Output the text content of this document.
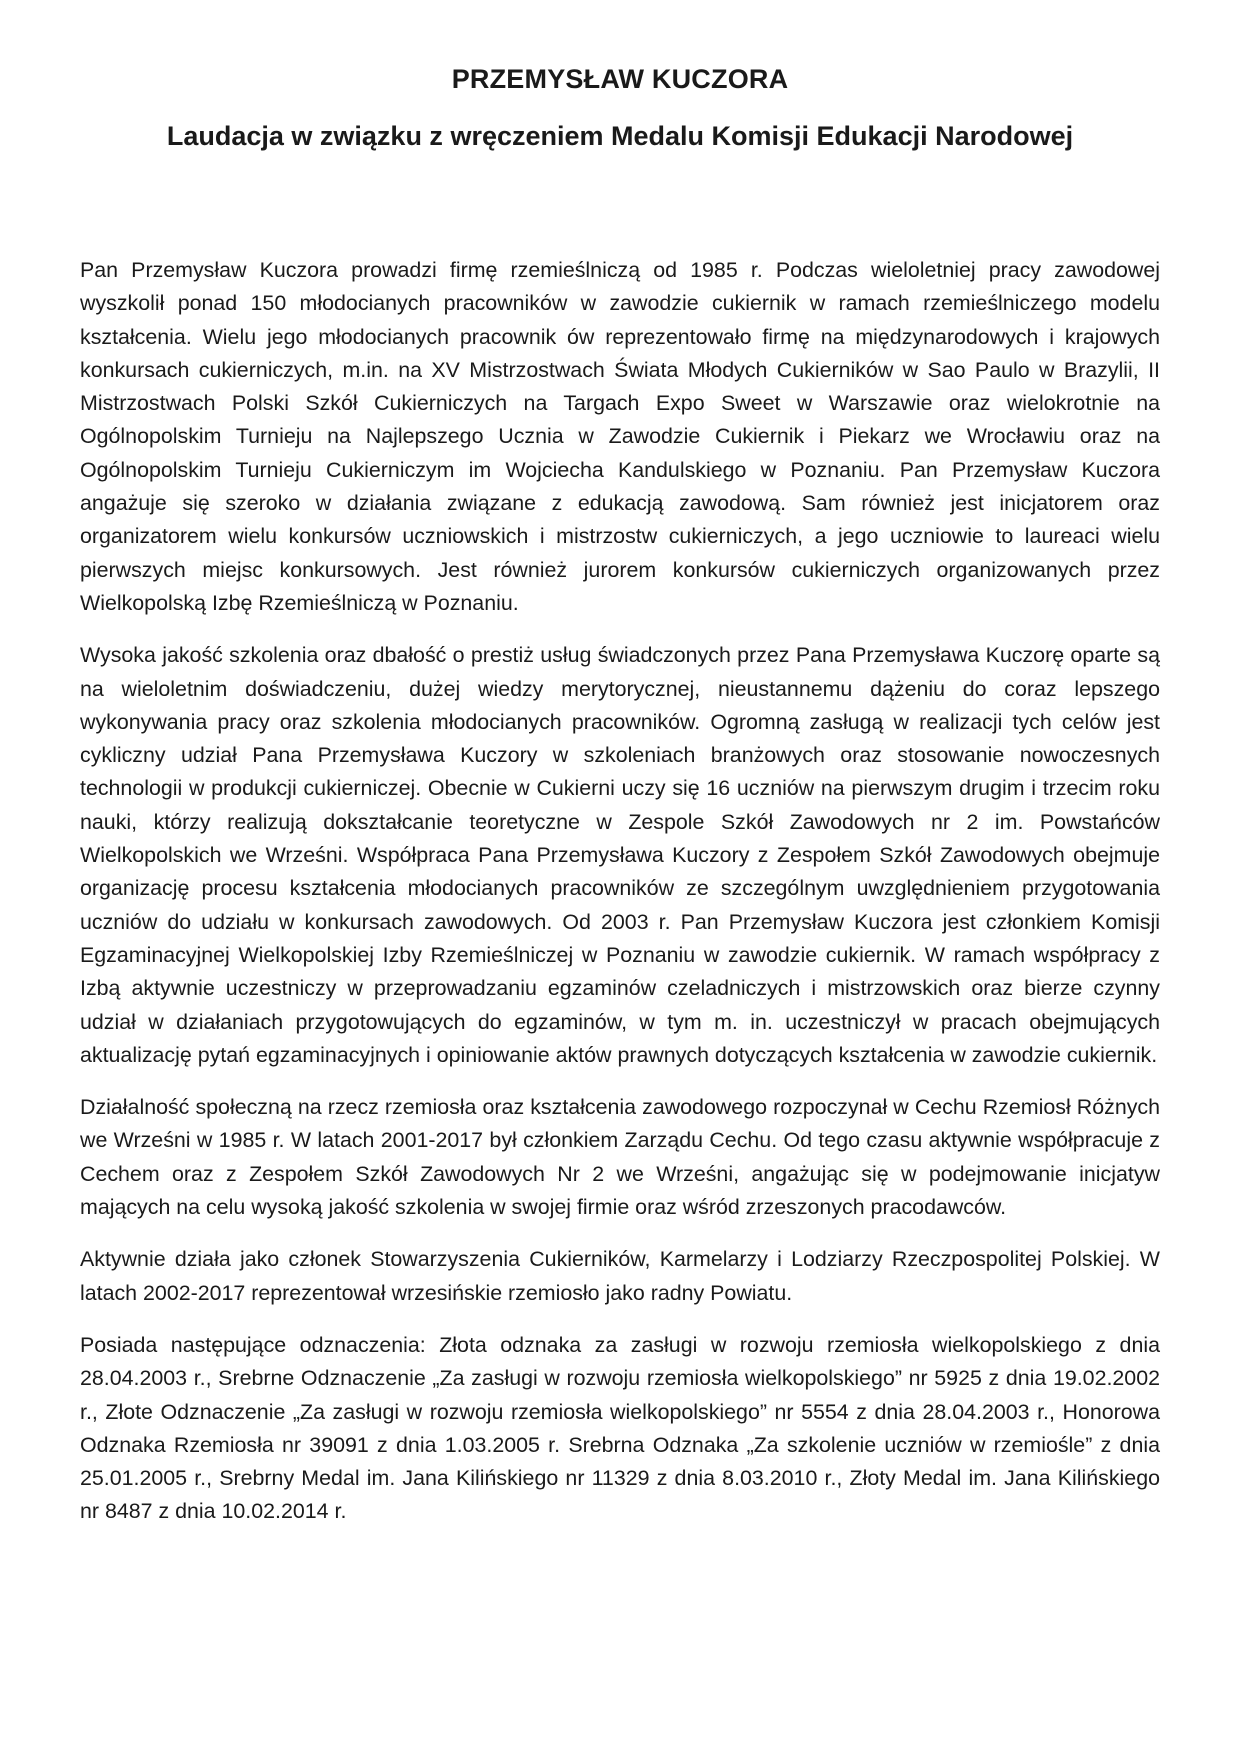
PRZEMYSŁAW KUCZORA
Laudacja w związku z wręczeniem Medalu Komisji Edukacji Narodowej

Pan Przemysław Kuczora prowadzi firmę rzemieślniczą od 1985 r. Podczas wieloletniej pracy zawodowej wyszkolił ponad 150 młodocianych pracowników w zawodzie cukiernik w ramach rzemieślniczego modelu kształcenia. Wielu jego młodocianych pracownik ów reprezentowało firmę na międzynarodowych i krajowych konkursach cukierniczych, m.in. na XV Mistrzostwach Świata Młodych Cukierników w Sao Paulo w Brazylii, II Mistrzostwach Polski Szkół Cukierniczych na Targach Expo Sweet w Warszawie oraz wielokrotnie na Ogólnopolskim Turnieju na Najlepszego Ucznia w Zawodzie Cukiernik i Piekarz we Wrocławiu oraz na Ogólnopolskim Turnieju Cukierniczym im Wojciecha Kandulskiego w Poznaniu. Pan Przemysław Kuczora angażuje się szeroko w działania związane z edukacją zawodową. Sam również jest inicjatorem oraz organizatorem wielu konkursów uczniowskich i mistrzostw cukierniczych, a jego uczniowie to laureaci wielu pierwszych miejsc konkursowych. Jest również jurorem konkursów cukierniczych organizowanych przez Wielkopolską Izbę Rzemieślniczą w Poznaniu.

Wysoka jakość szkolenia oraz dbałość o prestiż usług świadczonych przez Pana Przemysława Kuczorę oparte są na wieloletnim doświadczeniu, dużej wiedzy merytorycznej, nieustannemu dążeniu do coraz lepszego wykonywania pracy oraz szkolenia młodocianych pracowników. Ogromną zasługą w realizacji tych celów jest cykliczny udział Pana Przemysława Kuczory w szkoleniach branżowych oraz stosowanie nowoczesnych technologii w produkcji cukierniczej. Obecnie w Cukierni uczy się 16 uczniów na pierwszym drugim i trzecim roku nauki, którzy realizują dokształcanie teoretyczne w Zespole Szkół Zawodowych nr 2 im. Powstańców Wielkopolskich we Wrześni. Współpraca Pana Przemysława Kuczory z Zespołem Szkół Zawodowych obejmuje organizację procesu kształcenia młodocianych pracowników ze szczególnym uwzględnieniem przygotowania uczniów do udziału w konkursach zawodowych. Od 2003 r. Pan Przemysław Kuczora jest członkiem Komisji Egzaminacyjnej Wielkopolskiej Izby Rzemieślniczej w Poznaniu w zawodzie cukiernik. W ramach współpracy z Izbą aktywnie uczestniczy w przeprowadzaniu egzaminów czeladniczych i mistrzowskich oraz bierze czynny udział w działaniach przygotowujących do egzaminów, w tym m. in. uczestniczył w pracach obejmujących aktualizację pytań egzaminacyjnych i opiniowanie aktów prawnych dotyczących kształcenia w zawodzie cukiernik.

Działalność społeczną na rzecz rzemiosła oraz kształcenia zawodowego rozpoczynał w Cechu Rzemiosł Różnych we Wrześni w 1985 r. W latach 2001-2017 był członkiem Zarządu Cechu. Od tego czasu aktywnie współpracuje z Cechem oraz z Zespołem Szkół Zawodowych Nr 2 we Wrześni, angażując się w podejmowanie inicjatyw mających na celu wysoką jakość szkolenia w swojej firmie oraz wśród zrzeszonych pracodawców.

Aktywnie działa jako członek Stowarzyszenia Cukierników, Karmelarzy i Lodziarzy Rzeczpospolitej Polskiej. W latach 2002-2017 reprezentował wrzesińskie rzemiosło jako radny Powiatu.

Posiada następujące odznaczenia: Złota odznaka za zasługi w rozwoju rzemiosła wielkopolskiego z dnia 28.04.2003 r., Srebrne Odznaczenie „Za zasługi w rozwoju rzemiosła wielkopolskiego” nr 5925 z dnia 19.02.2002 r., Złote Odznaczenie „Za zasługi w rozwoju rzemiosła wielkopolskiego” nr 5554 z dnia 28.04.2003 r., Honorowa Odznaka Rzemiosła nr 39091 z dnia 1.03.2005 r. Srebrna Odznaka „Za szkolenie uczniów w rzemiośle” z dnia 25.01.2005 r., Srebrny Medal im. Jana Kilińskiego nr 11329 z dnia 8.03.2010 r., Złoty Medal im. Jana Kilińskiego nr 8487 z dnia 10.02.2014 r.
